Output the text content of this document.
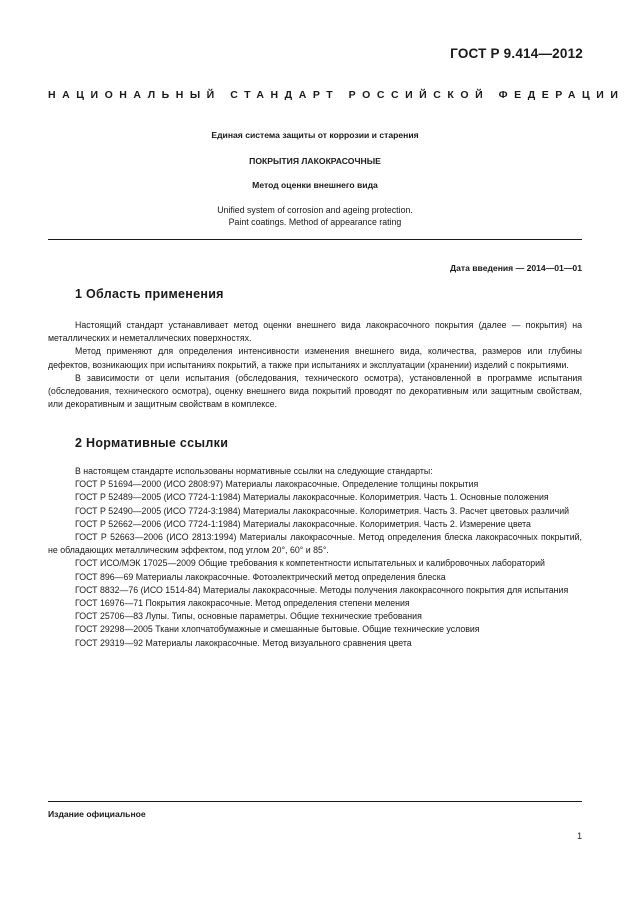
ГОСТ Р 9.414—2012
НАЦИОНАЛЬНЫЙ СТАНДАРТ РОССИЙСКОЙ ФЕДЕРАЦИИ
Единая система защиты от коррозии и старения
ПОКРЫТИЯ ЛАКОКРАСОЧНЫЕ
Метод оценки внешнего вида
Unified system of corrosion and ageing protection.
Paint coatings. Method of appearance rating
Дата введения — 2014—01—01
1 Область применения

Настоящий стандарт устанавливает метод оценки внешнего вида лакокрасочного покрытия (далее — покрытия) на металлических и неметаллических поверхностях.

Метод применяют для определения интенсивности изменения внешнего вида, количества, размеров или глубины дефектов, возникающих при испытаниях покрытий, а также при испытаниях и эксплуатации (хранении) изделий с покрытиями.

В зависимости от цели испытания (обследования, технического осмотра), установленной в программе испытания (обследования, технического осмотра), оценку внешнего вида покрытий проводят по декоративным или защитным свойствам, или декоративным и защитным свойствам в комплексе.

2 Нормативные ссылки

В настоящем стандарте использованы нормативные ссылки на следующие стандарты:

ГОСТ Р 51694—2000 (ИСО 2808:97) Материалы лакокрасочные. Определение толщины покрытия

ГОСТ Р 52489—2005 (ИСО 7724-1:1984) Материалы лакокрасочные. Колориметрия. Часть 1. Основные положения

ГОСТ Р 52490—2005 (ИСО 7724-3:1984) Материалы лакокрасочные. Колориметрия. Часть 3. Расчет цветовых различий

ГОСТ Р 52662—2006 (ИСО 7724-1:1984) Материалы лакокрасочные. Колориметрия. Часть 2. Измерение цвета

ГОСТ Р 52663—2006 (ИСО 2813:1994) Материалы лакокрасочные. Метод определения блеска лакокрасочных покрытий, не обладающих металлическим эффектом, под углом 20°, 60° и 85°.

ГОСТ ИСО/МЭК 17025—2009 Общие требования к компетентности испытательных и калибровочных лабораторий

ГОСТ 896—69 Материалы лакокрасочные. Фотоэлектрический метод определения блеска

ГОСТ 8832—76 (ИСО 1514-84) Материалы лакокрасочные. Методы получения лакокрасочного покрытия для испытания

ГОСТ 16976—71 Покрытия лакокрасочные. Метод определения степени меления

ГОСТ 25706—83 Лупы. Типы, основные параметры. Общие технические требования

ГОСТ 29298—2005 Ткани хлопчатобумажные и смешанные бытовые. Общие технические условия

ГОСТ 29319—92 Материалы лакокрасочные. Метод визуального сравнения цвета

Издание официальное
1
